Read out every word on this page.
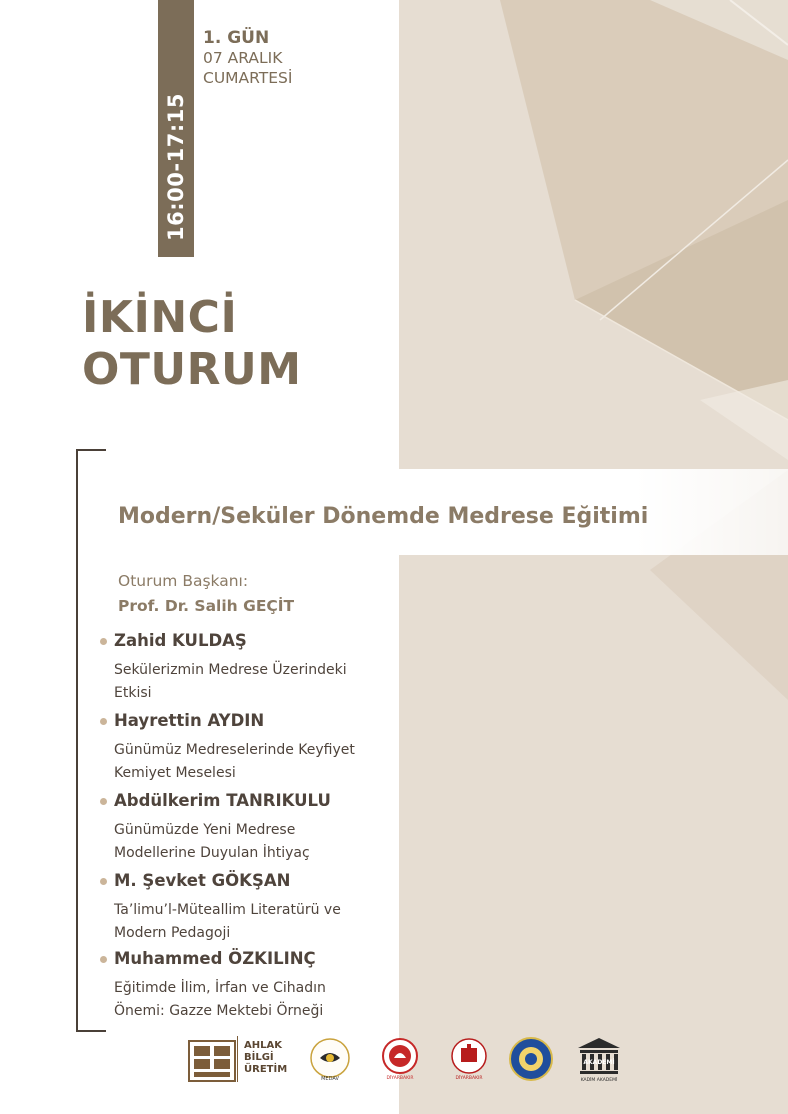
16:00-17:15
1. GÜN
07 ARALIK
CUMARTESİ
İKİNCİ
OTURUM
Modern/Seküler Dönemde Medrese Eğitimi
Oturum Başkanı:
Prof. Dr. Salih GEÇİT
Zahid KULDAŞ
Sekülerizmin Medrese Üzerindeki
Etkisi
Hayrettin AYDIN
Günümüz Medreselerinde Keyfiyet
Kemiyet Meselesi
Abdülkerim TANRIKULU
Günümüzde Yeni Medrese
Modellerine Duyulan İhtiyaç
M. Şevket GÖKŞAN
Ta’limu’l-Müteallim Literatürü ve
Modern Pedagoji
Muhammed ÖZKILINÇ
Eğitimde İlim, İrfan ve Cihadın
Önemi: Gazze Mektebi Örneği
AHLAK
BİLGİ
ÜRETİM
MEDAV	DİYARBAKIR	DİYARBAKIR
AKADEMİ
KADİM AKADEMİ
